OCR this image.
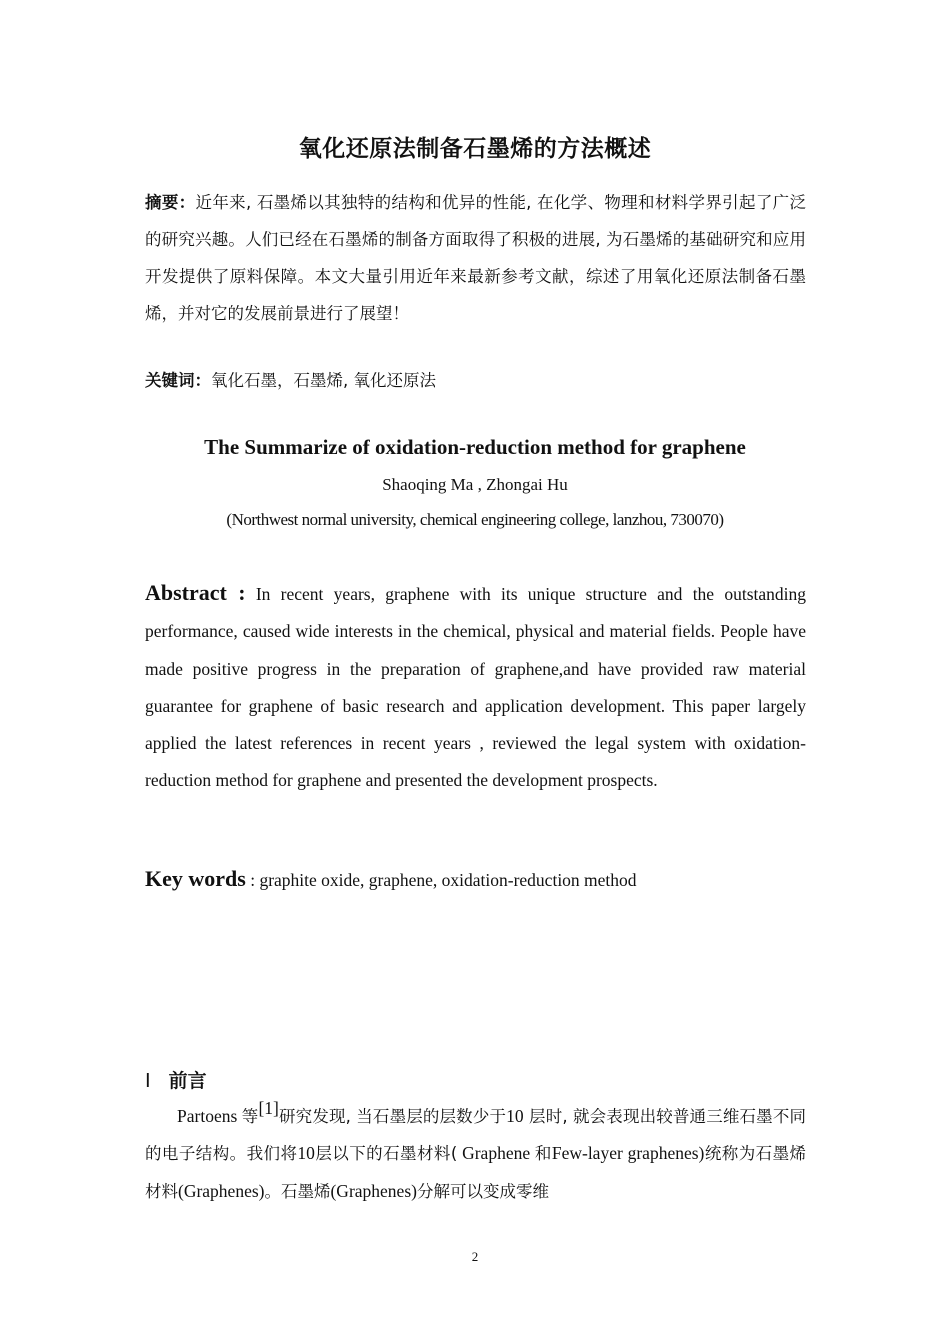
氧化还原法制备石墨烯的方法概述

摘要：近年来, 石墨烯以其独特的结构和优异的性能, 在化学、物理和材料学界引起了广泛的研究兴趣。人们已经在石墨烯的制备方面取得了积极的进展, 为石墨烯的基础研究和应用开发提供了原料保障。本文大量引用近年来最新参考文献，综述了用氧化还原法制备石墨烯，并对它的发展前景进行了展望！

关键词：氧化石墨，石墨烯, 氧化还原法

The Summarize of oxidation-reduction method for graphene
Shaoqing Ma , Zhongai Hu
(Northwest normal university, chemical engineering college, lanzhou, 730070)

Abstract : In recent years, graphene with its unique structure and the outstanding performance, caused wide interests in the chemical, physical and material fields. People have made positive progress in the preparation of graphene,and have provided raw material guarantee for graphene of basic research and application development. This paper largely applied the latest references in recent years , reviewed the legal system with oxidation-reduction method for graphene and presented the development prospects.

Key words : graphite oxide, graphene, oxidation-reduction method

Ⅰ 前言

Partoens 等[1]研究发现, 当石墨层的层数少于10 层时, 就会表现出较普通三维石墨不同的电子结构。我们将10层以下的石墨材料( Graphene 和Few-layer graphenes)统称为石墨烯材料(Graphenes)。石墨烯(Graphenes)分解可以变成零维

2
